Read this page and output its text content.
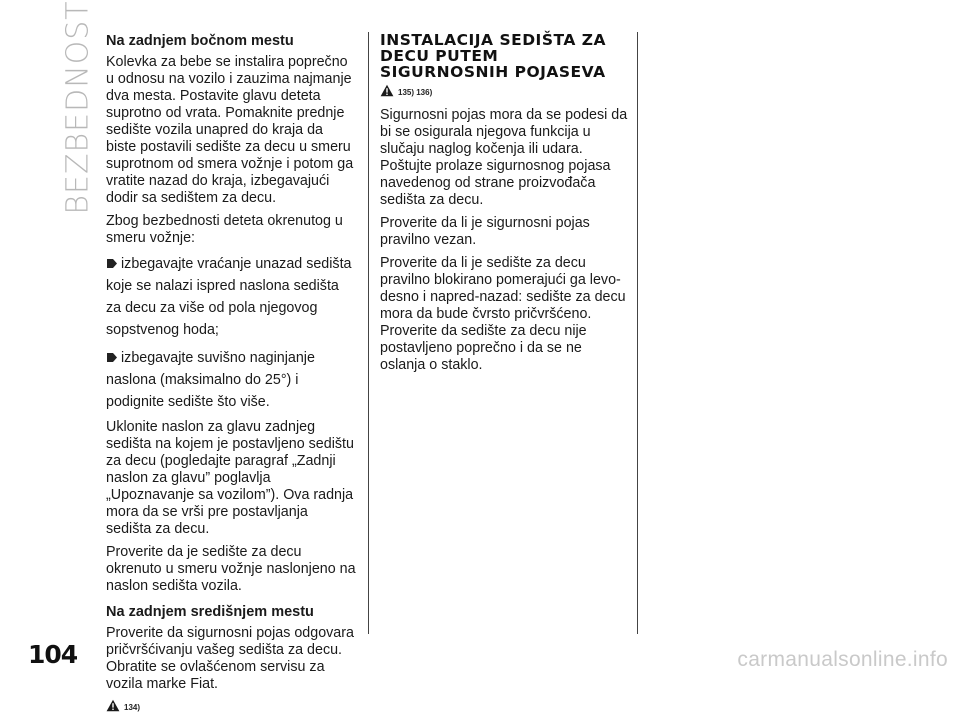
BEZBEDNOST Na zadnjem bočnom mestu

Kolevka za bebe se instalira poprečno u odnosu na vozilo i zauzima najmanje dva mesta. Postavite glavu deteta suprotno od vrata. Pomaknite prednje sedište vozila unapred do kraja da biste postavili sedište za decu u smeru suprotnom od smera vožnje i potom ga vratite nazad do kraja, izbegavajući dodir sa sedištem za decu.

Zbog bezbednosti deteta okrenutog u smeru vožnje:

izbegavajte vraćanje unazad sedišta koje se nalazi ispred naslona sedišta za decu za više od pola njegovog sopstvenog hoda;
izbegavajte suvišno naginjanje naslona (maksimalno do 25°) i podignite sedište što više.

Uklonite naslon za glavu zadnjeg sedišta na kojem je postavljeno sedištu za decu (pogledajte paragraf „Zadnji naslon za glavu” poglavlja „Upoznavanje sa vozilom”). Ova radnja mora da se vrši pre postavljanja sedišta za decu.

Proverite da je sedište za decu okrenuto u smeru vožnje naslonjeno na naslon sedišta vozila.

Na zadnjem središnjem mestu

Proverite da sigurnosni pojas odgovara pričvršćivanju vašeg sedišta za decu. Obratite se ovlašćenom servisu za vozila marke Fiat.

134)
INSTALACIJA SEDIŠTA ZA DECU PUTEM SIGURNOSNIH POJASEVA
135) 136)

Sigurnosni pojas mora da se podesi da bi se osigurala njegova funkcija u slučaju naglog kočenja ili udara. Poštujte prolaze sigurnosnog pojasa navedenog od strane proizvođača sedišta za decu.

Proverite da li je sigurnosni pojas pravilno vezan.

Proverite da li je sedište za decu pravilno blokirano pomerajući ga levo-desno i napred-nazad: sedište za decu mora da bude čvrsto pričvršćeno. Proverite da sedište za decu nije postavljeno poprečno i da se ne oslanja o staklo.

104	carmanualsonline.info
